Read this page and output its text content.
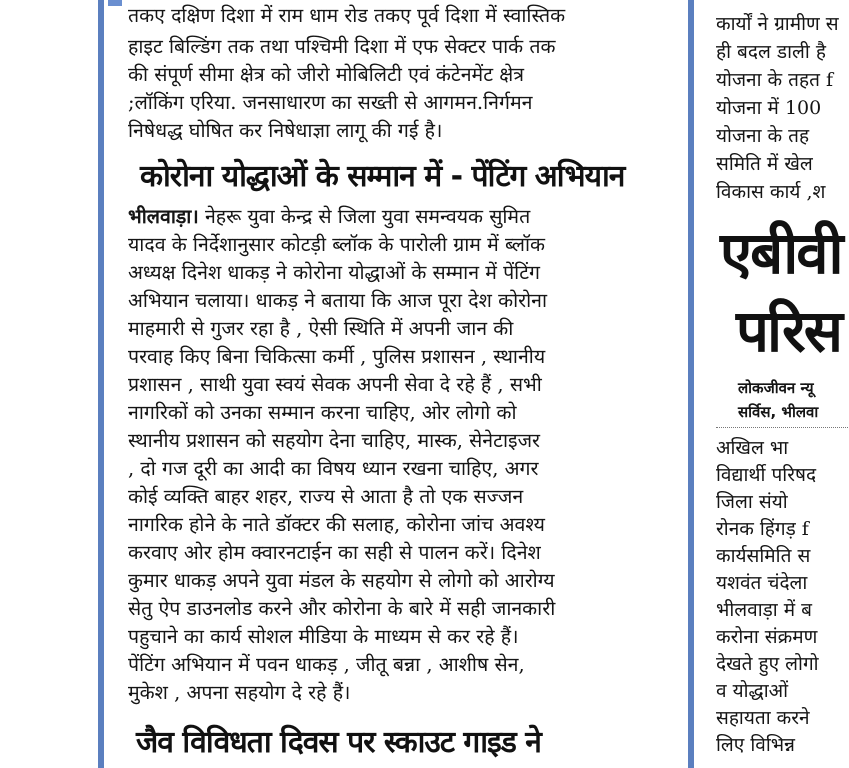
तकए दक्षिण दिशा में राम धाम रोड तकए पूर्व दिशा में स्वास्तिक
हाइट बिल्डिंग तक तथा पश्चिमी दिशा में एफ सेक्टर पार्क तक
की संपूर्ण सीमा क्षेत्र को जीरो मोबिलिटी एवं कंटेनमेंट क्षेत्र
;लॉकिंग एरिया. जनसाधारण का सख्ती से आगमन.निर्गमन
निषेधद्ध घोषित कर निषेधाज्ञा लागू की गई है।
कोरोना योद्धाओं के सम्मान में - पेंटिंग अभियान
भीलवाड़ा। नेहरू युवा केन्द्र से जिला युवा समन्वयक सुमित
यादव के निर्देशानुसार कोटड़ी ब्लॉक के पारोली ग्राम में ब्लॉक
अध्यक्ष दिनेश धाकड़ ने कोरोना योद्धाओं के सम्मान में पेंटिंग
अभियान चलाया। धाकड़ ने बताया कि आज पूरा देश कोरोना
माहमारी से गुजर रहा है , ऐसी स्थिति में अपनी जान की
परवाह किए बिना चिकित्सा कर्मी , पुलिस प्रशासन , स्थानीय
प्रशासन , साथी युवा स्वयं सेवक अपनी सेवा दे रहे हैं , सभी
नागरिकों को उनका सम्मान करना चाहिए, ओर लोगो को
स्थानीय प्रशासन को सहयोग देना चाहिए, मास्क, सेनेटाइजर
, दो गज दूरी का आदी का विषय ध्यान रखना चाहिए, अगर
कोई व्यक्ति बाहर शहर, राज्य से आता है तो एक सज्जन
नागरिक होने के नाते डॉक्टर की सलाह, कोरोना जांच अवश्य
करवाए ओर होम क्वारनटाईन का सही से पालन करें। दिनेश
कुमार धाकड़ अपने युवा मंडल के सहयोग से लोगो को आरोग्य
सेतु ऐप डाउनलोड करने और कोरोना के बारे में सही जानकारी
पहुचाने का कार्य सोशल मीडिया के माध्यम से कर रहे हैं।
पेंटिंग अभियान में पवन धाकड़ , जीतू बन्ना , आशीष सेन,
मुकेश , अपना सहयोग दे रहे हैं।
जैव विविधता दिवस पर स्काउट गाइड ने
कार्यों ने ग्रामीण स
ही बदल डाली है
योजना के तहत f
योजना में 100
योजना के तह
समिति में खेल
विकास कार्य ,श
एबीवी
परिस
लोकजीवन न्यू
सर्विस, भीलवा
अखिल भा
विद्यार्थी परिषद
जिला संयो
रोनक हिंगड़ f
कार्यसमिति स
यशवंत चंदेला
भीलवाड़ा में ब
करोना संक्रमण
देखते हुए लोगो
व योद्धाओं
सहायता करने
लिए विभिन्न
